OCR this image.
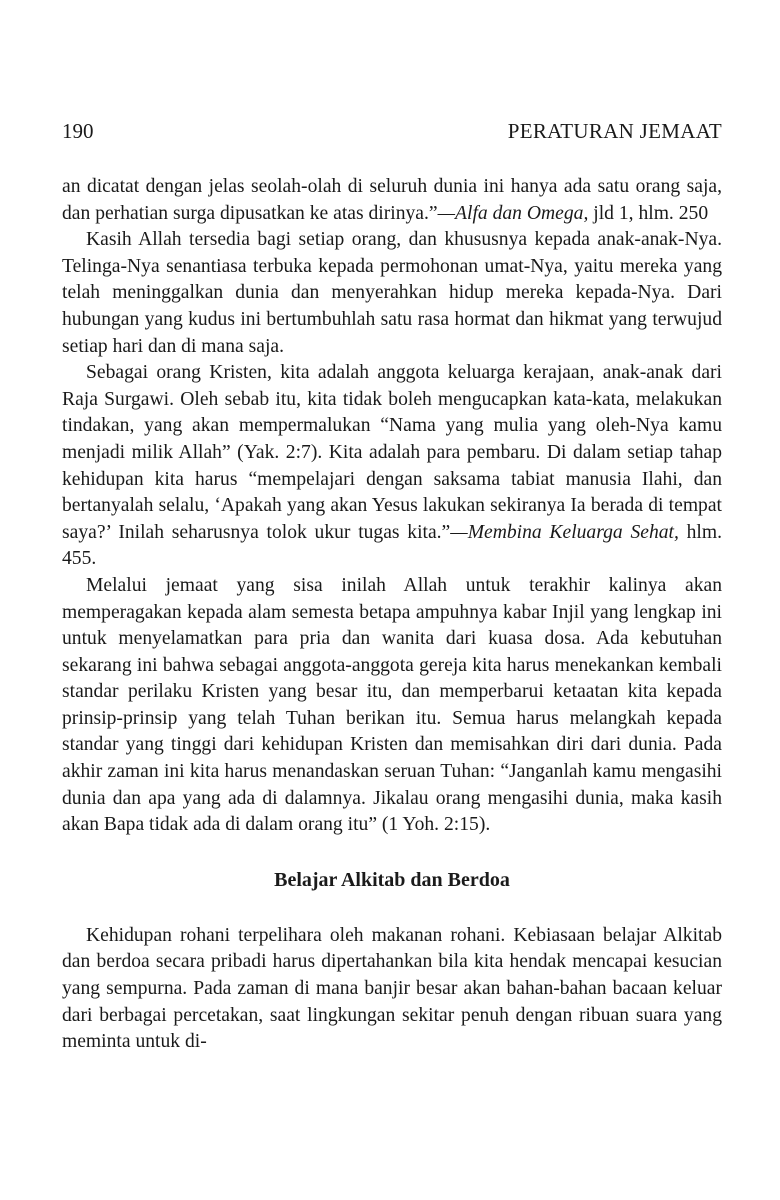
190	PERATURAN JEMAAT

an dicatat dengan jelas seolah-olah di seluruh dunia ini hanya ada satu orang saja, dan perhatian surga dipusatkan ke atas dirinya.”—Alfa dan Omega, jld 1, hlm. 250

Kasih Allah tersedia bagi setiap orang, dan khususnya kepada anak-anak-Nya. Telinga-Nya senantiasa terbuka kepada permohonan umat-Nya, yaitu mereka yang telah meninggalkan dunia dan menyerahkan hidup mereka kepada-Nya. Dari hubungan yang kudus ini bertumbuhlah satu rasa hormat dan hikmat yang terwujud setiap hari dan di mana saja.

Sebagai orang Kristen, kita adalah anggota keluarga kerajaan, anak-anak dari Raja Surgawi. Oleh sebab itu, kita tidak boleh mengucapkan kata-kata, melakukan tindakan, yang akan mempermalukan “Nama yang mulia yang oleh-Nya kamu menjadi milik Allah” (Yak. 2:7). Kita adalah para pembaru. Di dalam setiap tahap kehidupan kita harus “mempelajari dengan saksama tabiat manusia Ilahi, dan bertanyalah selalu, ‘Apakah yang akan Yesus lakukan sekiranya Ia berada di tempat saya?’ Inilah seharusnya tolok ukur tugas kita.”—Membina Keluarga Sehat, hlm. 455.

Melalui jemaat yang sisa inilah Allah untuk terakhir kalinya akan memperagakan kepada alam semesta betapa ampuhnya kabar Injil yang lengkap ini untuk menyelamatkan para pria dan wanita dari kuasa dosa. Ada kebutuhan sekarang ini bahwa sebagai anggota-anggota gereja kita harus menekankan kembali standar perilaku Kristen yang besar itu, dan memperbarui ketaatan kita kepada prinsip-prinsip yang telah Tuhan berikan itu. Semua harus melangkah kepada standar yang tinggi dari kehidupan Kristen dan memisahkan diri dari dunia. Pada akhir zaman ini kita harus menandaskan seruan Tuhan: “Janganlah kamu mengasihi dunia dan apa yang ada di dalamnya. Jikalau orang mengasihi dunia, maka kasih akan Bapa tidak ada di dalam orang itu” (1 Yoh. 2:15).

Belajar Alkitab dan Berdoa

Kehidupan rohani terpelihara oleh makanan rohani. Kebiasaan belajar Alkitab dan berdoa secara pribadi harus dipertahankan bila kita hendak mencapai kesucian yang sempurna. Pada zaman di mana banjir besar akan bahan-bahan bacaan keluar dari berbagai percetakan, saat lingkungan sekitar penuh dengan ribuan suara yang meminta untuk di-
